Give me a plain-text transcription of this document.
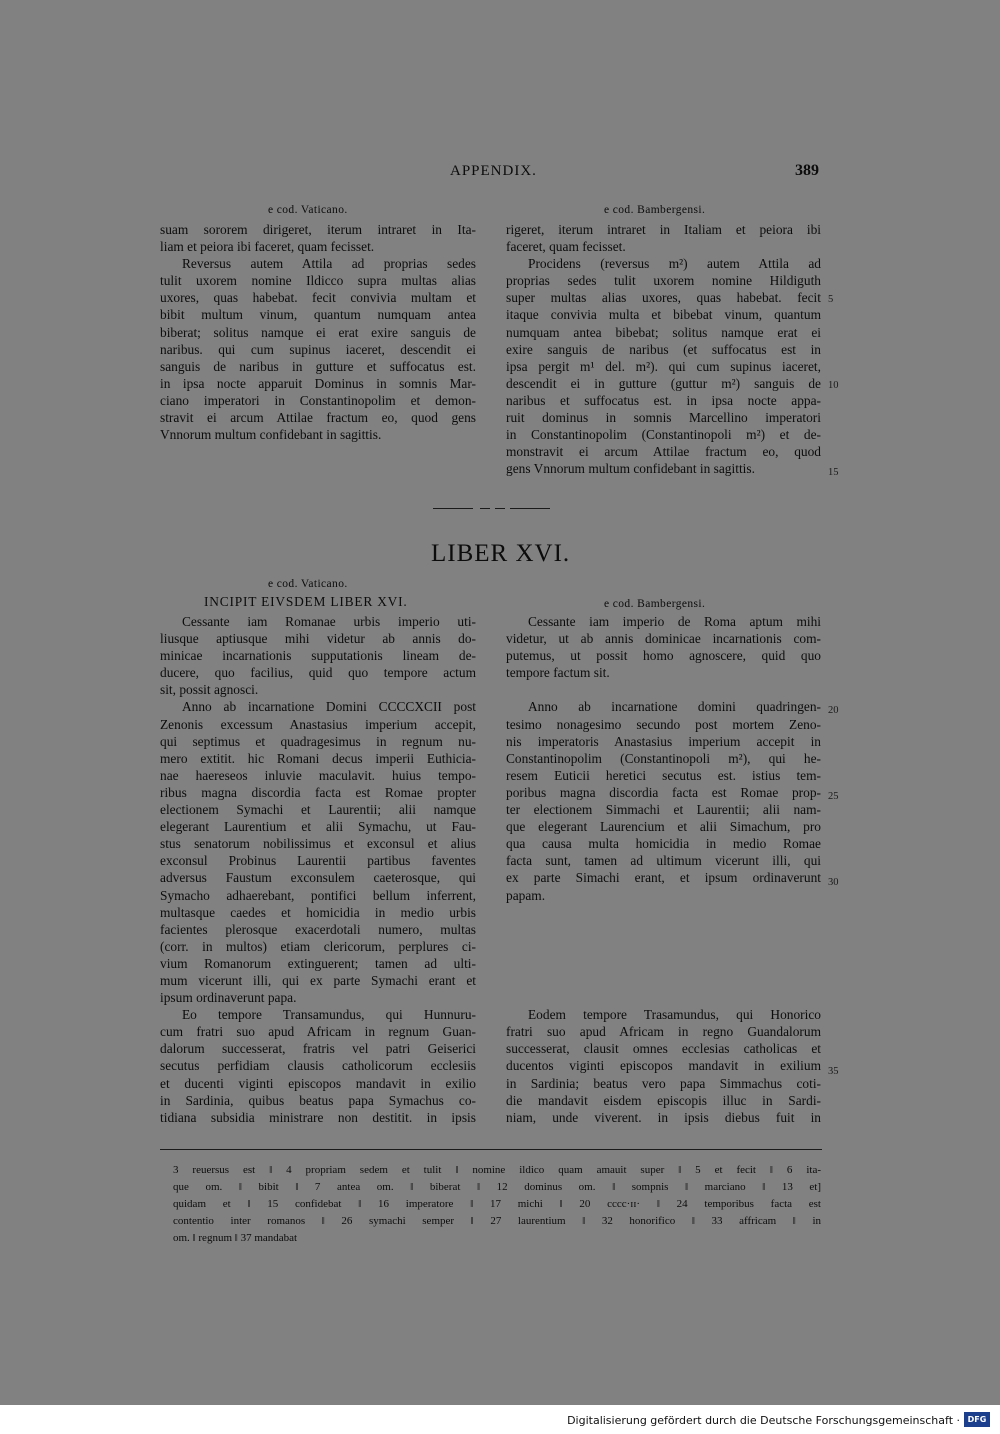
APPENDIX.	389
e cod. Vaticano.	e cod. Bambergensi.
suam sororem dirigeret, iterum intraret in Ita-
liam et peiora ibi faceret, quam fecisset.
Reversus autem Attila ad proprias sedes
tulit uxorem nomine Ildicco supra multas alias
uxores, quas habebat. fecit convivia multam et
bibit multum vinum, quantum numquam antea
biberat; solitus namque ei erat exire sanguis de
naribus. qui cum supinus iaceret, descendit ei
sanguis de naribus in gutture et suffocatus est.
in ipsa nocte apparuit Dominus in somnis Mar-
ciano imperatori in Constantinopolim et demon-
stravit ei arcum Attilae fractum eo, quod gens
Vnnorum multum confidebant in sagittis.
rigeret, iterum intraret in Italiam et peiora ibi
faceret, quam fecisset.
Procidens (reversus m²) autem Attila ad
proprias sedes tulit uxorem nomine Hildiguth
super multas alias uxores, quas habebat. fecit
itaque convivia multa et bibebat vinum, quantum
numquam antea bibebat; solitus namque erat ei
exire sanguis de naribus (et suffocatus est in
ipsa pergit m¹ del. m²). qui cum supinus iaceret,
descendit ei in gutture (guttur m²) sanguis de
naribus et suffocatus est. in ipsa nocte appa-
ruit dominus in somnis Marcellino imperatori
in Constantinopolim (Constantinopoli m²) et de-
monstravit ei arcum Attilae fractum eo, quod
gens Vnnorum multum confidebant in sagittis.
5
10
15
LIBER XVI.
e cod. Vaticano.
INCIPIT EIVSDEM LIBER XVI.	e cod. Bambergensi.
Cessante iam Romanae urbis imperio uti-
liusque aptiusque mihi videtur ab annis do-
minicae incarnationis supputationis lineam de-
ducere, quo facilius, quid quo tempore actum
sit, possit agnosci.
Anno ab incarnatione Domini CCCCXCII post
Zenonis excessum Anastasius imperium accepit,
qui septimus et quadragesimus in regnum nu-
mero extitit. hic Romani decus imperii Euthicia-
nae haereseos inluvie maculavit. huius tempo-
ribus magna discordia facta est Romae propter
electionem Symachi et Laurentii; alii namque
elegerant Laurentium et alii Symachu, ut Fau-
stus senatorum nobilissimus et exconsul et alius
exconsul Probinus Laurentii partibus faventes
adversus Faustum exconsulem caeterosque, qui
Symacho adhaerebant, pontifici bellum inferrent,
multasque caedes et homicidia in medio urbis
facientes plerosque exacerdotali numero, multas
(corr. in multos) etiam clericorum, perplures ci-
vium Romanorum extinguerent; tamen ad ulti-
mum vicerunt illi, qui ex parte Symachi erant et
ipsum ordinaverunt papa.
Eo tempore Transamundus, qui Hunnuru-
cum fratri suo apud Africam in regnum Guan-
dalorum successerat, fratris vel patri Geiserici
secutus perfidiam clausis catholicorum ecclesiis
et ducenti viginti episcopos mandavit in exilio
in Sardinia, quibus beatus papa Symachus co-
tidiana subsidia ministrare non destitit. in ipsis
Cessante iam imperio de Roma aptum mihi
videtur, ut ab annis dominicae incarnationis com-
putemus, ut possit homo agnoscere, quid quo
tempore factum sit.
Anno ab incarnatione domini quadringen-
tesimo nonagesimo secundo post mortem Zeno-
nis imperatoris Anastasius imperium accepit in
Constantinopolim (Constantinopoli m²), qui he-
resem Euticii heretici secutus est. istius tem-
poribus magna discordia facta est Romae prop-
ter electionem Simmachi et Laurentii; alii nam-
que elegerant Laurencium et alii Simachum, pro
qua causa multa homicidia in medio Romae
facta sunt, tamen ad ultimum vicerunt illi, qui
ex parte Simachi erant, et ipsum ordinaverunt
papam.
Eodem tempore Trasamundus, qui Honorico
fratri suo apud Africam in regno Guandalorum
successerat, clausit omnes ecclesias catholicas et
ducentos viginti episcopos mandavit in exilium
in Sardinia; beatus vero papa Simmachus coti-
die mandavit eisdem episcopis illuc in Sardi-
niam, unde viverent. in ipsis diebus fuit in
20
25
30
35
3 reuersus est ‖ 4 propriam sedem et tulit ‖ nomine ildico quam amauit super ‖ 5 et fecit ‖ 6 ita-
que om. ‖ bibit ‖ 7 antea om. ‖ biberat ‖ 12 dominus om. ‖ sompnis ‖ marciano ‖ 13 et]
quidam et ‖ 15 confidebat ‖ 16 imperatore ‖ 17 michi ‖ 20 cccc·ɪɪ· ‖ 24 temporibus facta est
contentio inter romanos ‖ 26 symachi semper ‖ 27 laurentium ‖ 32 honorifico ‖ 33 affricam ‖ in
om. ‖ regnum ‖ 37 mandabat
Digitalisierung gefördert durch die Deutsche Forschungsgemeinschaft · DFG
